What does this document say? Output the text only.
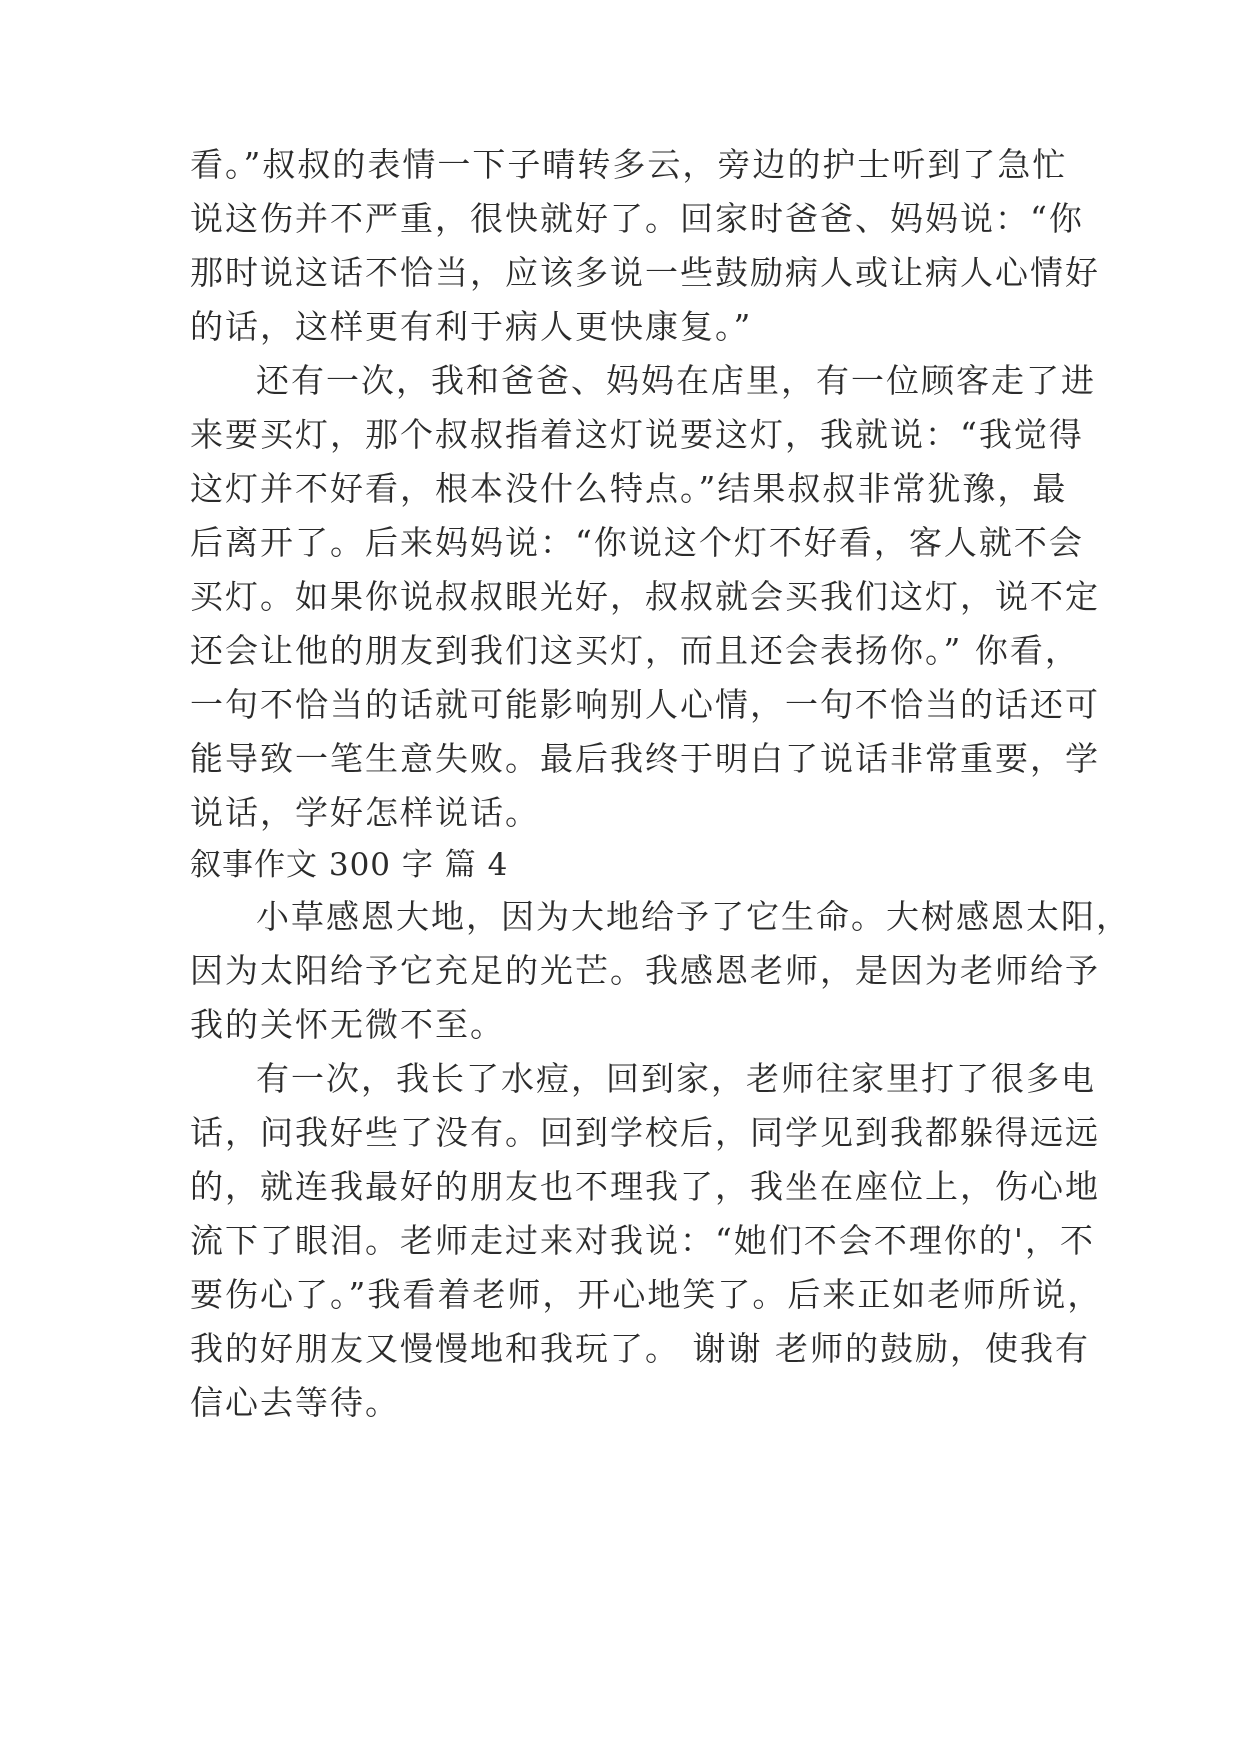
看。”叔叔的表情一下子晴转多云，旁边的护士听到了急忙
说这伤并不严重，很快就好了。回家时爸爸、妈妈说：“你
那时说这话不恰当，应该多说一些鼓励病人或让病人心情好
的话，这样更有利于病人更快康复。”
还有一次，我和爸爸、妈妈在店里，有一位顾客走了进
来要买灯，那个叔叔指着这灯说要这灯，我就说：“我觉得
这灯并不好看，根本没什么特点。”结果叔叔非常犹豫，最
后离开了。后来妈妈说：“你说这个灯不好看，客人就不会
买灯。如果你说叔叔眼光好，叔叔就会买我们这灯，说不定
还会让他的朋友到我们这买灯，而且还会表扬你。” 你看，
一句不恰当的话就可能影响别人心情，一句不恰当的话还可
能导致一笔生意失败。最后我终于明白了说话非常重要，学
说话，学好怎样说话。
叙事作文 300 字 篇 4
小草感恩大地，因为大地给予了它生命。大树感恩太阳，
因为太阳给予它充足的光芒。我感恩老师，是因为老师给予
我的关怀无微不至。
有一次，我长了水痘，回到家，老师往家里打了很多电
话，问我好些了没有。回到学校后，同学见到我都躲得远远
的，就连我最好的朋友也不理我了，我坐在座位上，伤心地
流下了眼泪。老师走过来对我说：“她们不会不理你的'，不
要伤心了。”我看着老师，开心地笑了。后来正如老师所说，
我的好朋友又慢慢地和我玩了。 谢谢 老师的鼓励，使我有
信心去等待。
